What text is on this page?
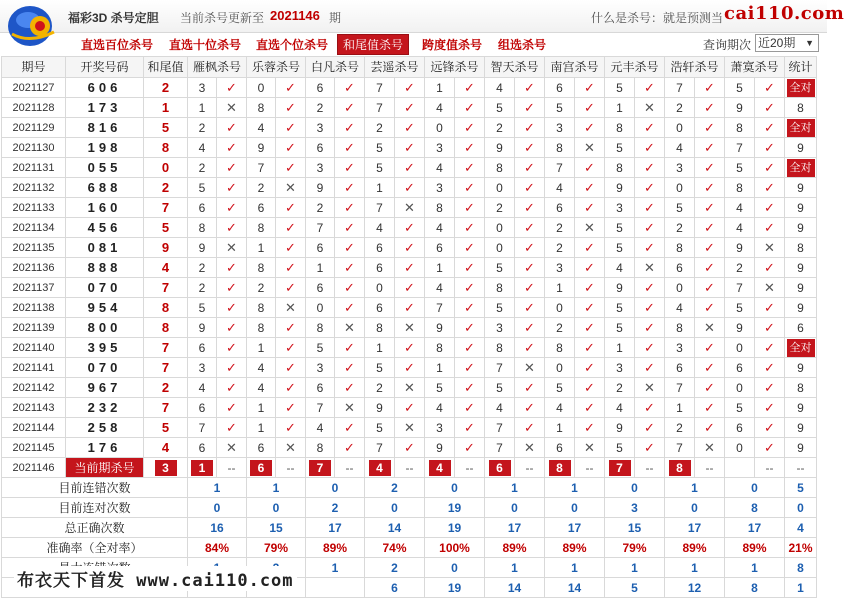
福彩3D 杀号定胆 当前杀号更新至 2021146 期	什么是杀号：就是预测当 cai110.com
直选百位杀号 直选十位杀号 直选个位杀号	和尾值杀号	跨度值杀号 组选杀号	查询期次 近20期 ▼
期号	开奖号码	和尾值	雁枫杀号		乐蓉杀号		白凡杀号		芸遥杀号		远锋杀号		智天杀号		南宫杀号		元丰杀号		浩轩杀号		萧寞杀号		统计
2021127	606	2	3	✓	0	✓	6	✓	7	✓	1	✓	4	✓	6	✓	5	✓	7	✓	5	✓	全对
2021128	173	1	1	✕	8	✓	2	✓	7	✓	4	✓	5	✓	5	✓	1	✕	2	✓	9	✓	8
2021129	816	5	2	✓	4	✓	3	✓	2	✓	0	✓	2	✓	3	✓	8	✓	0	✓	8	✓	全对
2021130	198	8	4	✓	9	✓	6	✓	5	✓	3	✓	9	✓	8	✕	5	✓	4	✓	7	✓	9
2021131	055	0	2	✓	7	✓	3	✓	5	✓	4	✓	8	✓	7	✓	8	✓	3	✓	5	✓	全对
2021132	688	2	5	✓	2	✕	9	✓	1	✓	3	✓	0	✓	4	✓	9	✓	0	✓	8	✓	9
2021133	160	7	6	✓	6	✓	2	✓	7	✕	8	✓	2	✓	6	✓	3	✓	5	✓	4	✓	9
2021134	456	5	8	✓	8	✓	7	✓	4	✓	4	✓	0	✓	2	✕	5	✓	2	✓	4	✓	9
2021135	081	9	9	✕	1	✓	6	✓	6	✓	6	✓	0	✓	2	✓	5	✓	8	✓	9	✕	8
2021136	888	4	2	✓	8	✓	1	✓	6	✓	1	✓	5	✓	3	✓	4	✕	6	✓	2	✓	9
2021137	070	7	2	✓	2	✓	6	✓	0	✓	4	✓	8	✓	1	✓	9	✓	0	✓	7	✕	9
2021138	954	8	5	✓	8	✕	0	✓	6	✓	7	✓	5	✓	0	✓	5	✓	4	✓	5	✓	9
2021139	800	8	9	✓	8	✓	8	✕	8	✕	9	✓	3	✓	2	✓	5	✓	8	✕	9	✓	6
2021140	395	7	6	✓	1	✓	5	✓	1	✓	8	✓	8	✓	8	✓	1	✓	3	✓	0	✓	全对
2021141	070	7	3	✓	4	✓	3	✓	5	✓	1	✓	7	✕	0	✓	3	✓	6	✓	6	✓	9
2021142	967	2	4	✓	4	✓	6	✓	2	✕	5	✓	5	✓	5	✓	2	✕	7	✓	0	✓	8
2021143	232	7	6	✓	1	✓	7	✕	9	✓	4	✓	4	✓	4	✓	4	✓	1	✓	5	✓	9
2021144	258	5	7	✓	1	✓	4	✓	5	✕	3	✓	7	✓	1	✓	9	✓	2	✓	6	✓	9
2021145	176	4	6	✕	6	✕	8	✓	7	✓	9	✓	7	✕	6	✕	5	✓	7	✕	0	✓	9
2021146	当前期杀号	3	1	--	6	--	7	--	4	--	4	--	6	--	8	--	7	--	8	--		--	--
目前连错次数			1		1		0		2		0		1		1		0		1		0		5
目前连对次数			0		0		2		0		19		0		0		3		0		8		0
总正确次数			16		15		17		14		19		17		17		15		17		17		4
准确率（全对率）			84%		79%		89%		74%		100%		89%		89%		79%		89%		89%		21%
			1		2		0		1		1		1		1		1		8
									6		19		14		14		5		12		8		1
布衣天下首发 www.cai110.com
